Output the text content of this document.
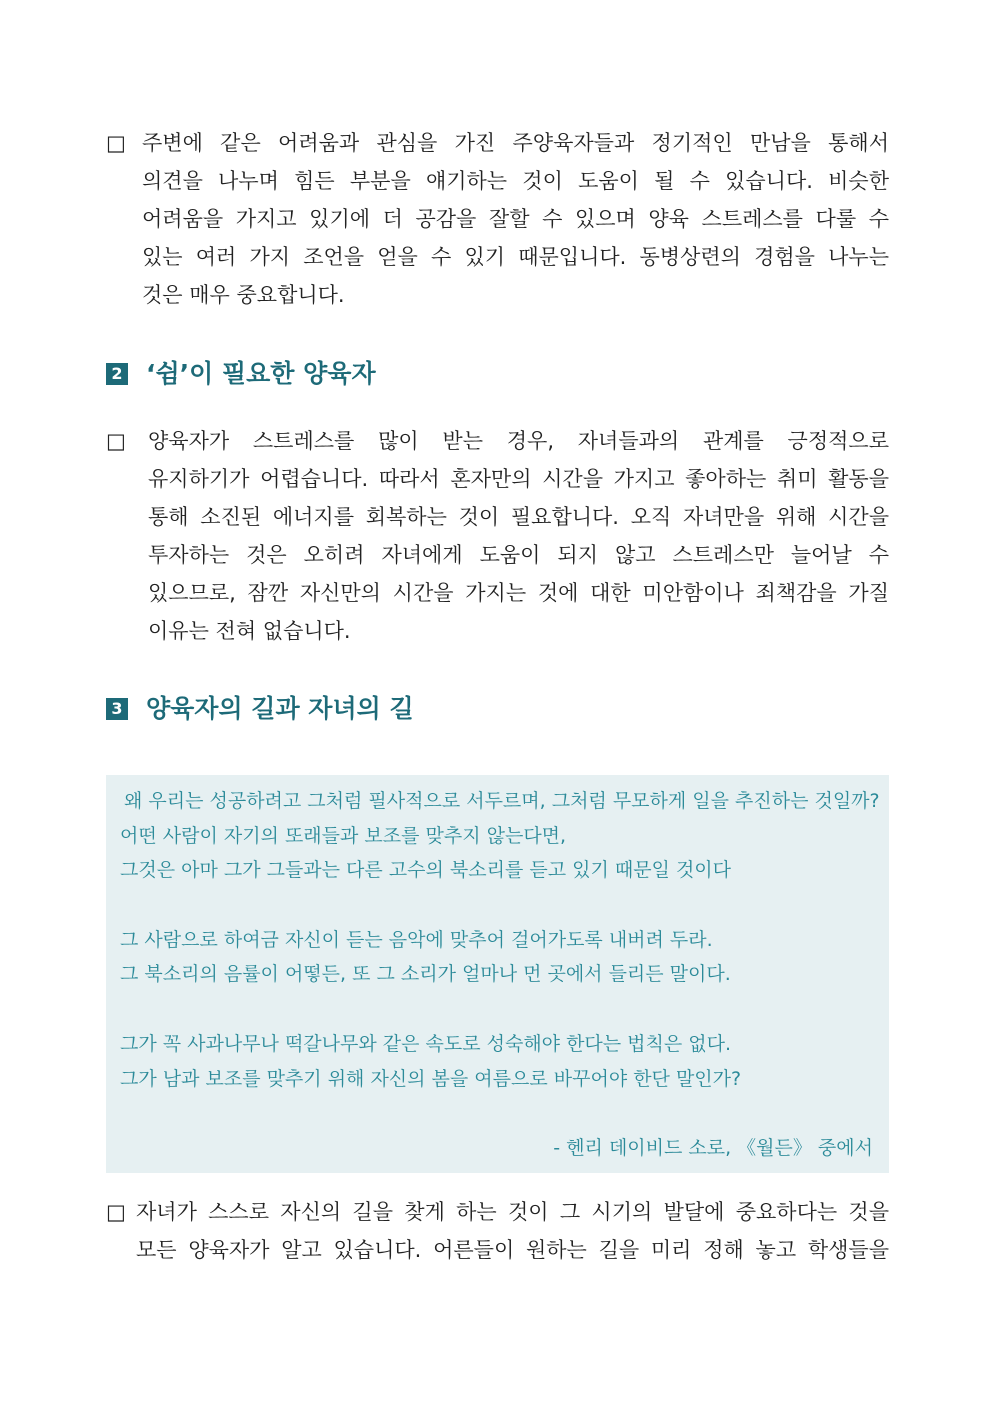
□ 주변에 같은 어려움과 관심을 가진 주양육자들과 정기적인 만남을 통해서
의견을 나누며 힘든 부분을 얘기하는 것이 도움이 될 수 있습니다. 비슷한
어려움을 가지고 있기에 더 공감을 잘할 수 있으며 양육 스트레스를 다룰 수
있는 여러 가지 조언을 얻을 수 있기 때문입니다. 동병상련의 경험을 나누는
것은 매우 중요합니다.
2 ‘쉼’이 필요한 양육자
□	양육자가 스트레스를 많이 받는 경우, 자녀들과의 관계를 긍정적으로
유지하기가 어렵습니다. 따라서 혼자만의 시간을 가지고 좋아하는 취미 활동을
통해 소진된 에너지를 회복하는 것이 필요합니다. 오직 자녀만을 위해 시간을
투자하는 것은 오히려 자녀에게 도움이 되지 않고 스트레스만 늘어날 수
있으므로, 잠깐 자신만의 시간을 가지는 것에 대한 미안함이나 죄책감을 가질
이유는 전혀 없습니다.
3 양육자의 길과 자녀의 길
왜 우리는 성공하려고 그처럼 필사적으로 서두르며, 그처럼 무모하게 일을 추진하는 것일까?
어떤 사람이 자기의 또래들과 보조를 맞추지 않는다면,
그것은 아마 그가 그들과는 다른 고수의 북소리를 듣고 있기 때문일 것이다
그 사람으로 하여금 자신이 듣는 음악에 맞추어 걸어가도록 내버려 두라.
그 북소리의 음률이 어떻든, 또 그 소리가 얼마나 먼 곳에서 들리든 말이다.
그가 꼭 사과나무나 떡갈나무와 같은 속도로 성숙해야 한다는 법칙은 없다.
그가 남과 보조를 맞추기 위해 자신의 봄을 여름으로 바꾸어야 한단 말인가?
- 헨리 데이비드 소로, 《월든》 중에서
□ 자녀가 스스로 자신의 길을 찾게 하는 것이 그 시기의 발달에 중요하다는 것을
모든 양육자가 알고 있습니다. 어른들이 원하는 길을 미리 정해 놓고 학생들을
